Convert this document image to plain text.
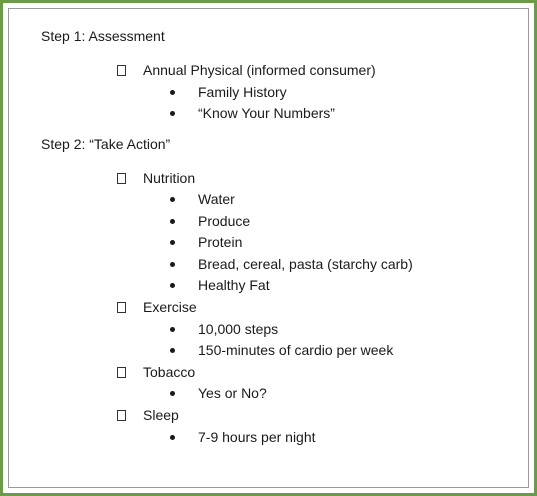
Step 1: Assessment
Annual Physical (informed consumer)
Family History
“Know Your Numbers”
Step 2: “Take Action”
Nutrition
Water
Produce
Protein
Bread, cereal, pasta (starchy carb)
Healthy Fat
Exercise
10,000 steps
150-minutes of cardio per week
Tobacco
Yes or No?
Sleep
7-9 hours per night
